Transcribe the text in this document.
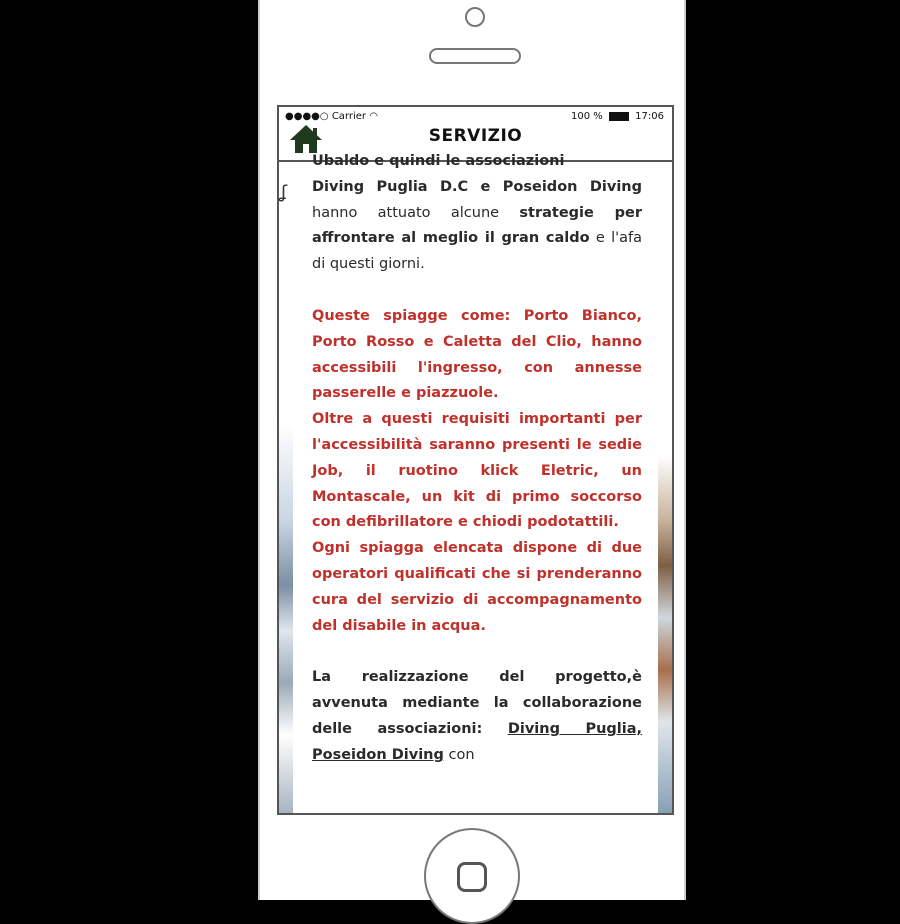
●●●●○ Carrier ◠	100 %	17:06
SERVIZIO
ʆ

Ubaldo e quindi le associazioni

Diving Puglia D.C e Poseidon Diving hanno attuato alcune strategie per affrontare al meglio il gran caldo e l'afa di questi giorni.

Queste spiagge come: Porto Bianco, Porto Rosso e Caletta del Clio, hanno accessibili l'ingresso, con annesse passerelle e piazzuole.

Oltre a questi requisiti importanti per l'accessibilità saranno presenti le sedie Job, il ruotino klick Eletric, un Montascale, un kit di primo soccorso con defibrillatore e chiodi podotattili.

Ogni spiagga elencata dispone di due operatori qualificati che si prenderanno cura del servizio di accompagnamento del disabile in acqua.

La realizzazione del progetto,è avvenuta mediante la collaborazione delle associazioni: Diving Puglia, Poseidon Diving con
